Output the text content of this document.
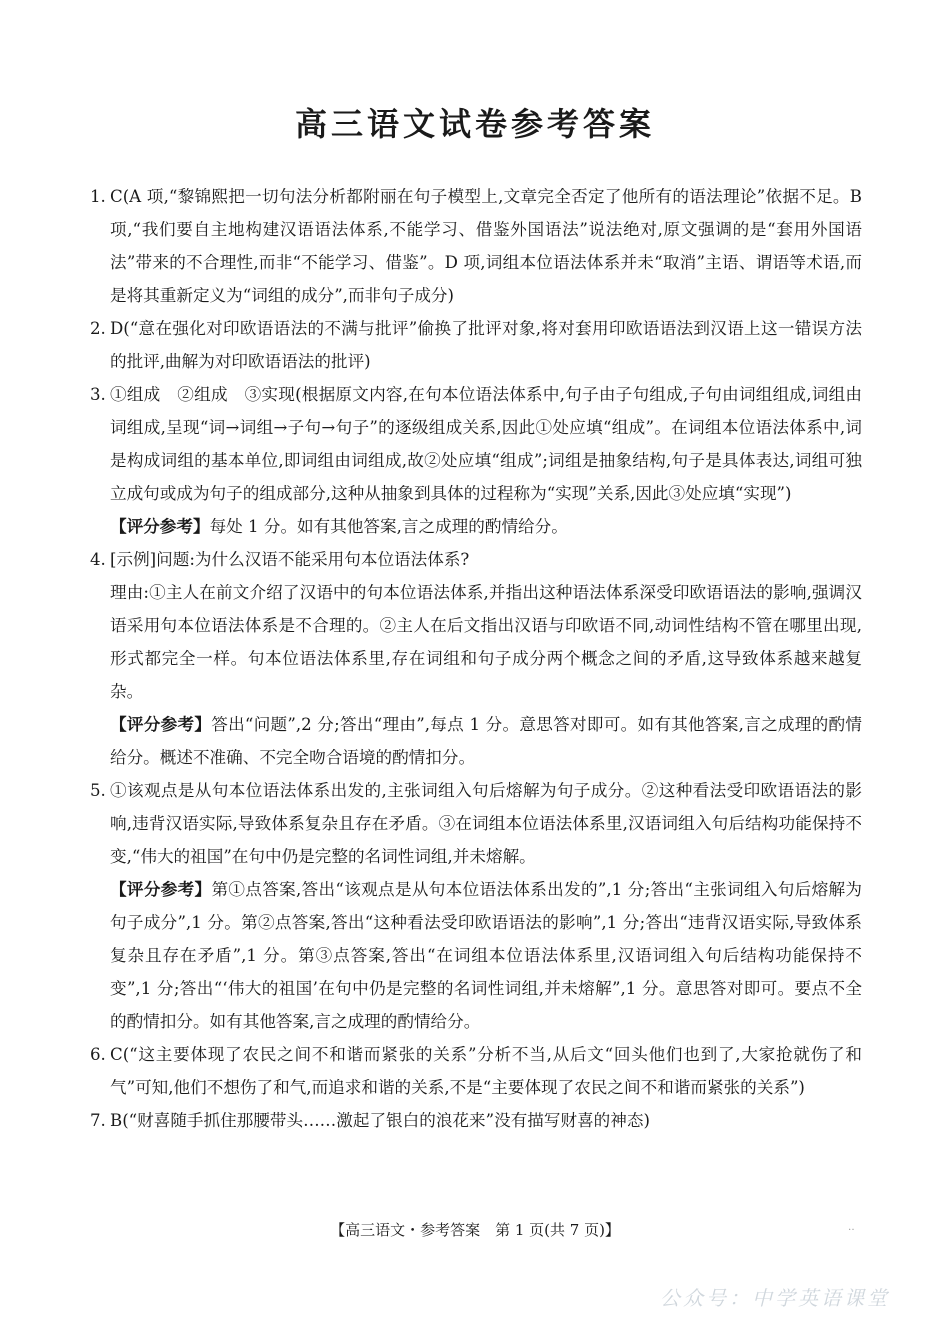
高三语文试卷参考答案
1. C(A 项,“黎锦熙把一切句法分析都附丽在句子模型上,文章完全否定了他所有的语法理论”依据不足。B 项,“我们要自主地构建汉语语法体系,不能学习、借鉴外国语法”说法绝对,原文强调的是“套用外国语法”带来的不合理性,而非“不能学习、借鉴”。D 项,词组本位语法体系并未“取消”主语、谓语等术语,而是将其重新定义为“词组的成分”,而非句子成分)
2. D(“意在强化对印欧语语法的不满与批评”偷换了批评对象,将对套用印欧语语法到汉语上这一错误方法的批评,曲解为对印欧语语法的批评)
3. ①组成　②组成　③实现(根据原文内容,在句本位语法体系中,句子由子句组成,子句由词组组成,词组由词组成,呈现“词→词组→子句→句子”的逐级组成关系,因此①处应填“组成”。在词组本位语法体系中,词是构成词组的基本单位,即词组由词组成,故②处应填“组成”;词组是抽象结构,句子是具体表达,词组可独立成句或成为句子的组成部分,这种从抽象到具体的过程称为“实现”关系,因此③处应填“实现”)
【评分参考】每处 1 分。如有其他答案,言之成理的酌情给分。
4. [示例]问题:为什么汉语不能采用句本位语法体系?
理由:①主人在前文介绍了汉语中的句本位语法体系,并指出这种语法体系深受印欧语语法的影响,强调汉语采用句本位语法体系是不合理的。②主人在后文指出汉语与印欧语不同,动词性结构不管在哪里出现,形式都完全一样。句本位语法体系里,存在词组和句子成分两个概念之间的矛盾,这导致体系越来越复杂。
【评分参考】答出“问题”,2 分;答出“理由”,每点 1 分。意思答对即可。如有其他答案,言之成理的酌情给分。概述不准确、不完全吻合语境的酌情扣分。
5. ①该观点是从句本位语法体系出发的,主张词组入句后熔解为句子成分。②这种看法受印欧语语法的影响,违背汉语实际,导致体系复杂且存在矛盾。③在词组本位语法体系里,汉语词组入句后结构功能保持不变,“伟大的祖国”在句中仍是完整的名词性词组,并未熔解。
【评分参考】第①点答案,答出“该观点是从句本位语法体系出发的”,1 分;答出“主张词组入句后熔解为句子成分”,1 分。第②点答案,答出“这种看法受印欧语语法的影响”,1 分;答出“违背汉语实际,导致体系复杂且存在矛盾”,1 分。第③点答案,答出“在词组本位语法体系里,汉语词组入句后结构功能保持不变”,1 分;答出“‘伟大的祖国’在句中仍是完整的名词性词组,并未熔解”,1 分。意思答对即可。要点不全的酌情扣分。如有其他答案,言之成理的酌情给分。
6. C(“这主要体现了农民之间不和谐而紧张的关系”分析不当,从后文“回头他们也到了,大家抢就伤了和气”可知,他们不想伤了和气,而追求和谐的关系,不是“主要体现了农民之间不和谐而紧张的关系”)
7. B(“财喜随手抓住那腰带头……激起了银白的浪花来”没有描写财喜的神态)
【高三语文・参考答案　第 1 页(共 7 页)】	‥
公众号：中学英语课堂
